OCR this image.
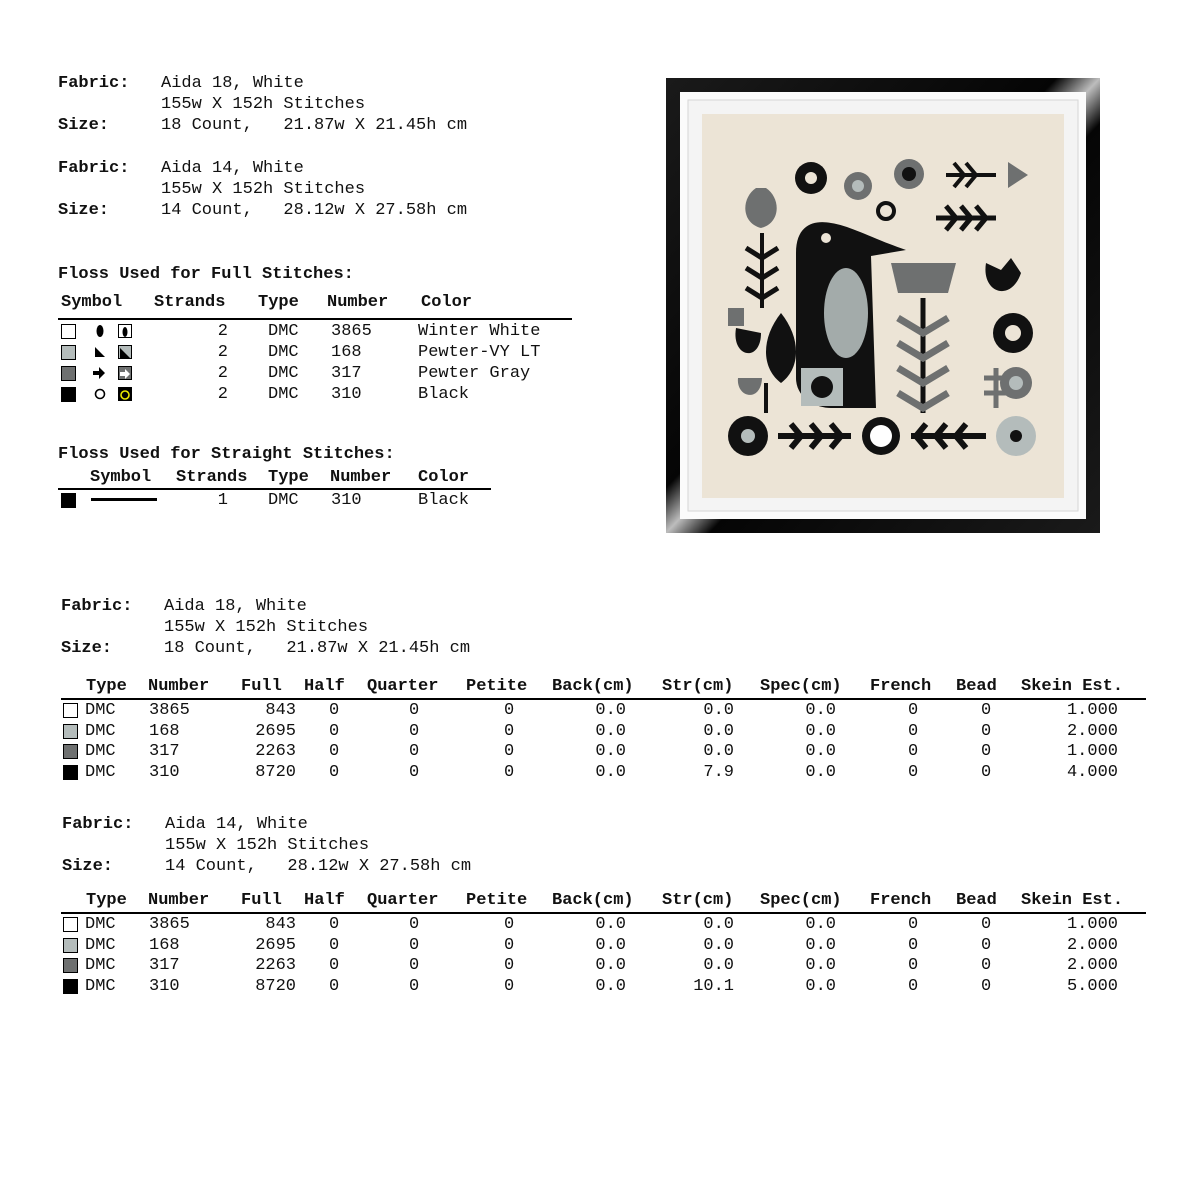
Fabric: Aida 18, White
155w X 152h Stitches
Size:	18 Count,   21.87w X 21.45h cm
Fabric: Aida 14, White
155w X 152h Stitches
Size:	14 Count,   28.12w X 27.58h cm
Floss Used for Full Stitches:
Symbol Strands Type Number Color
2 DMC 3865	Winter White
2 DMC 168	Pewter-VY LT
2 DMC 317	Pewter Gray
2 DMC 310	Black
Floss Used for Straight Stitches:
Symbol Strands Type Number Color
1 DMC 310	Black
Fabric: Aida 18, White
155w X 152h Stitches
Size:	18 Count,   21.87w X 21.45h cm
Type Number Full Half Quarter Petite Back(cm) Str(cm) Spec(cm) French Bead Skein Est.
DMC	3865	843 0	0	0	0.0	0.0	0.0	0	0	1.000
DMC	168	2695 0	0	0	0.0	0.0	0.0	0	0	2.000
DMC	317	2263 0	0	0	0.0	0.0	0.0	0	0	1.000
DMC	310	8720 0	0	0	0.0	7.9	0.0	0	0	4.000
Fabric: Aida 14, White
155w X 152h Stitches
Size:	14 Count,   28.12w X 27.58h cm
Type Number Full Half Quarter Petite Back(cm) Str(cm) Spec(cm) French Bead Skein Est.
DMC	3865	843 0	0	0	0.0	0.0	0.0	0	0	1.000
DMC	168	2695 0	0	0	0.0	0.0	0.0	0	0	2.000
DMC	317	2263 0	0	0	0.0	0.0	0.0	0	0	2.000
DMC	310	8720 0	0	0	0.0	10.1	0.0	0	0	5.000
